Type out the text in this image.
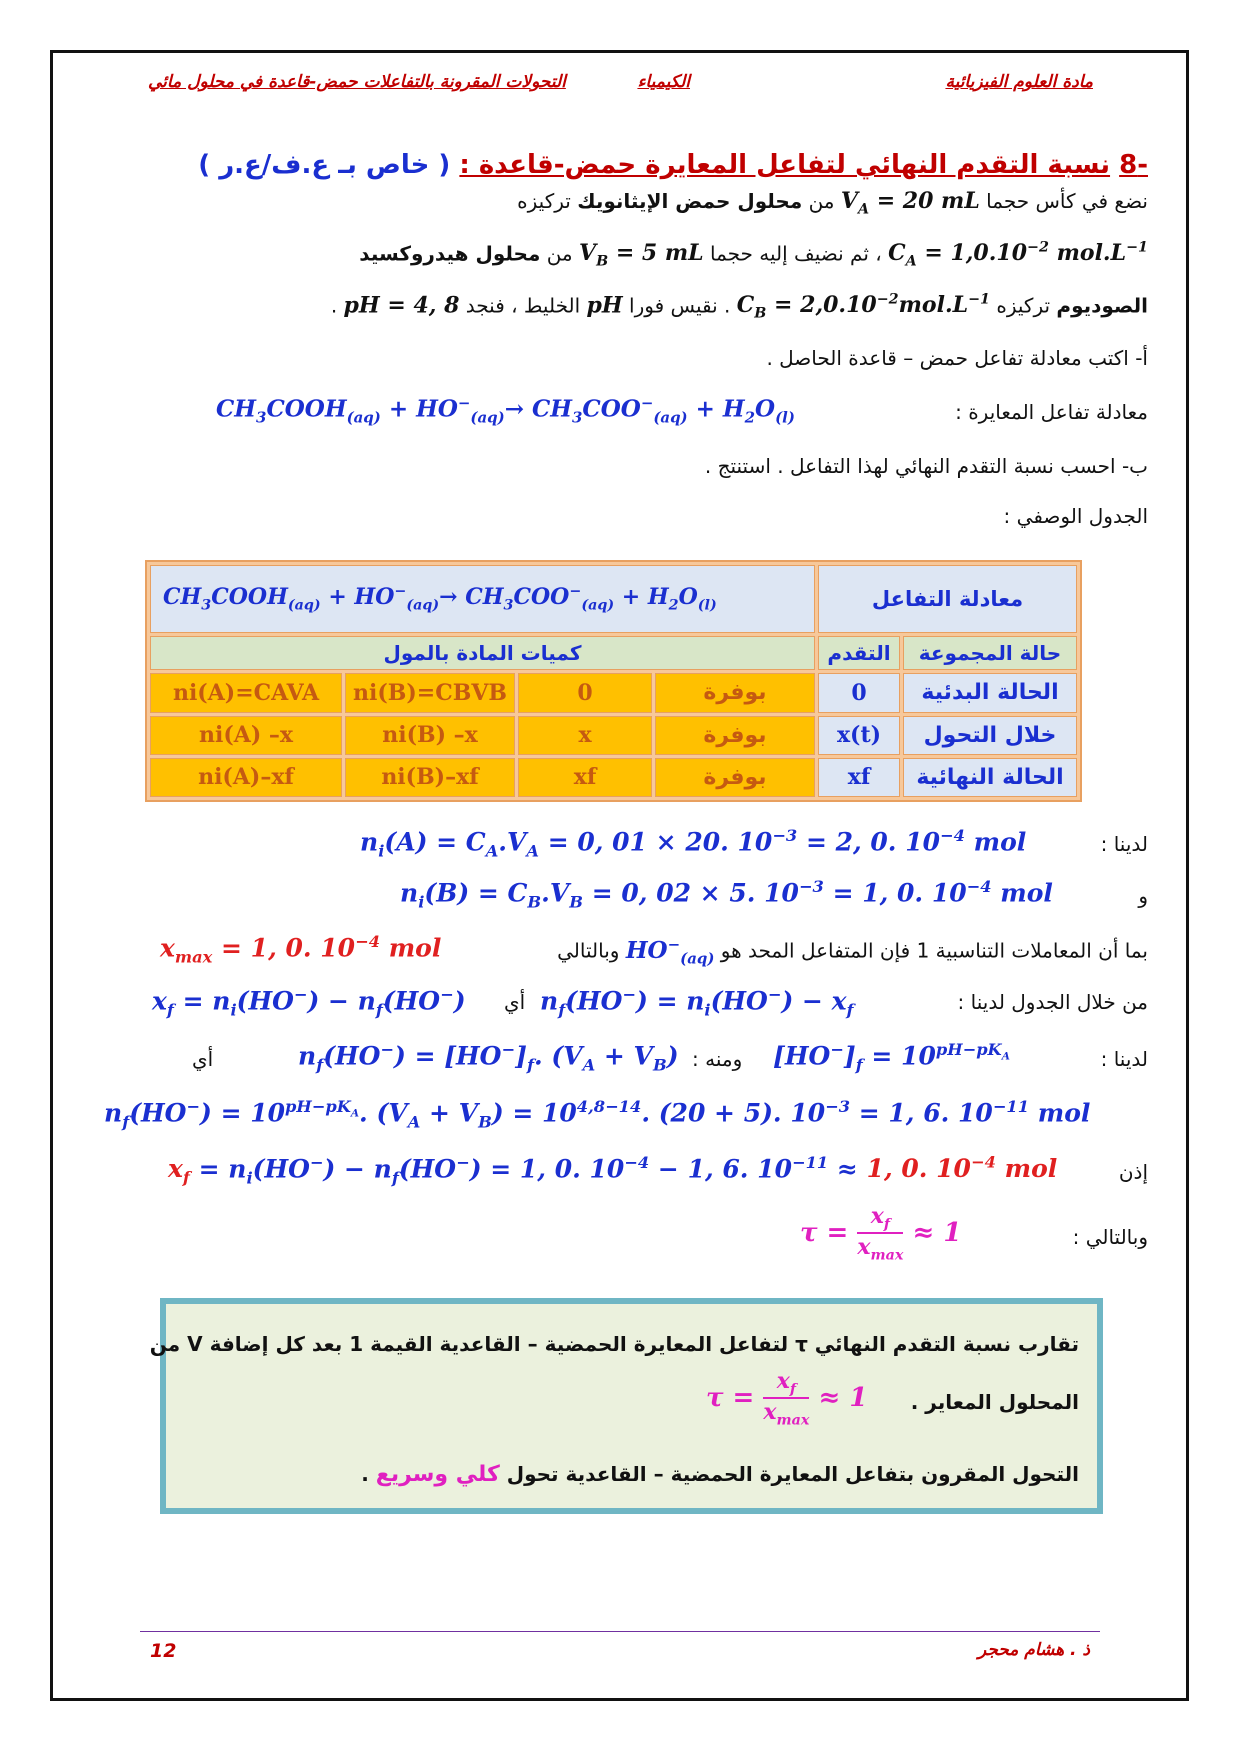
مادة العلوم الفيزيائية
الكيمياء
التحولات المقرونة بالتفاعلات حمض-قاعدة في محلول مائي
-8 نسبة التقدم النهائي لتفاعل المعايرة حمض-قاعدة : ( خاص بـ ع.ف/ع.ر )
نضع في كأس حجما $V_A = 20$ mL من محلول حمض الإيثانويك تركيزه
$C_A = 1,0.10^{-2}$ $mol.L^{-1}$ ، ثم نضيف إليه حجما $V_B = 5$ mL من محلول هيدروكسيد
الصوديوم تركيزه $C_B = 2,0.10^{-2}mol.L^{-1}$ . نقيس فورا pH الخليط ، فنجد pH = 4, 8 .
أ- اكتب معادلة تفاعل حمض – قاعدة الحاصل .
معادلة تفاعل المعايرة :
$CH_3COOH_{(aq)} + HO^-_{(aq)}\to CH_3COO^-_{(aq)} + H_2O_{(l)}$
ب- احسب نسبة التقدم النهائي لهذا التفاعل . استنتج .
الجدول الوصفي :
معادلة التفاعل		$CH_3COOH_{(aq)} + HO^-_{(aq)}\to CH_3COO^-_{(aq)} + H_2O_{(l)}$
حالة المجموعة	التقدم	كميات المادة بالمول			
الحالة البدئية	0	بوفرة	0	ni(B)=CBVB	ni(A)=CAVA
خلال التحول	x(t)	بوفرة	x	ni(B) –x	ni(A) –x
الحالة النهائية	xf	بوفرة	xf	ni(B)–xf	ni(A)–xf
لدينا :
$n_i(A) = C_A.V_A = 0$, 01 × 20. $10^{-3} = 2$, 0. $10^{-4}$ mol
و
$n_i(B) = C_B.V_B = 0$, 02 × 5. $10^{-3} = 1$, 0. $10^{-4}$ mol
بما أن المعاملات التناسبية 1 فإن المتفاعل المحد هو $HO^-_{(aq)}$ وبالتالي
$x_{max} = 1$, 0. $10^{-4}$ mol
من خلال الجدول لدينا :
$n_f(HO^-) = n_i(HO^-) - x_f$
أي
$x_f = n_i(HO^-) - n_f(HO^-)$
لدينا :
$[HO^-]_f = 10^{pH-pK_A}$
ومنه :
$n_f(HO^-) = [HO^-]_f$. $(V_A + V_B)$
أي
$n_f(HO^-) = 10^{pH-pK_A}$. $(V_A + V_B) = 10^{4,8-14}$. (20 + 5). $10^{-3} = 1$, 6. $10^{-11}$ mol
إذن
$x_f = n_i(HO^-) - n_f(HO^-) = 1$, 0. $10^{-4} - 1$, 6. $10^{-11} \approx 1$, 0. $10^{-4}$ mol
وبالتالي :
τ =
$x_f$
$x_{max}$
≈ 1
تقارب نسبة التقدم النهائي τ لتفاعل المعايرة الحمضية – القاعدية القيمة 1 بعد كل إضافة V من
المحلول المعاير .
τ =
$x_f$
$x_{max}$
≈ 1
التحول المقرون بتفاعل المعايرة الحمضية – القاعدية تحول كلي وسريع .
12	ذ . هشام محجر
